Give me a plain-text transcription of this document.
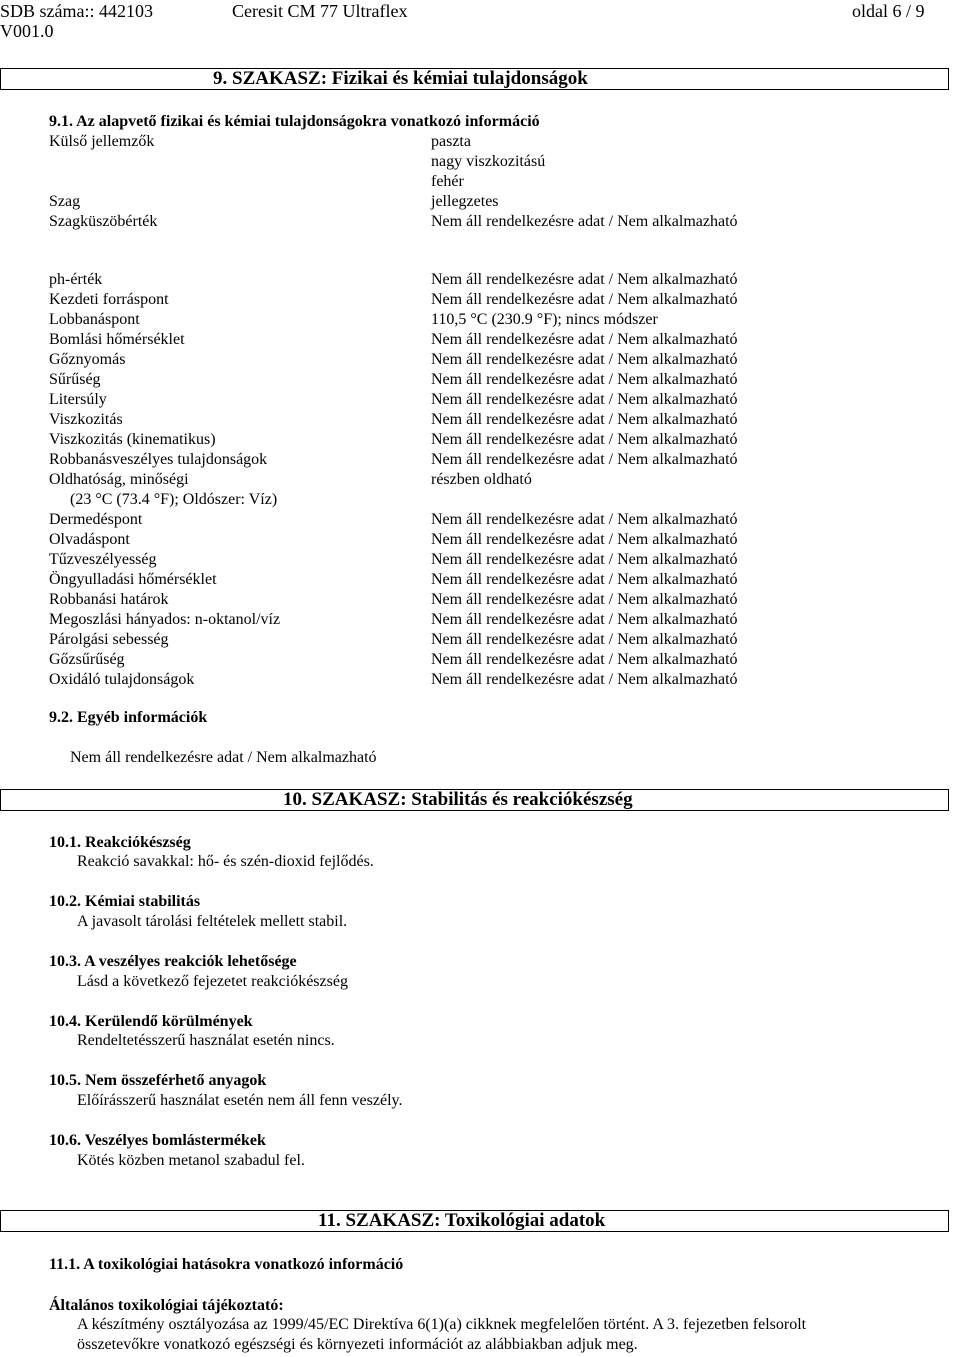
SDB száma:: 442103	Ceresit CM 77 Ultraflex	oldal 6 / 9
V001.0
9. SZAKASZ: Fizikai és kémiai tulajdonságok
9.1. Az alapvető fizikai és kémiai tulajdonságokra vonatkozó információ
Külső jellemzők	paszta
nagy viszkozitású
fehér
Szag	jellegzetes
Szagküszöbérték	Nem áll rendelkezésre adat / Nem alkalmazható
ph-érték	Nem áll rendelkezésre adat / Nem alkalmazható
Kezdeti forráspont	Nem áll rendelkezésre adat / Nem alkalmazható
Lobbanáspont	110,5 °C (230.9 °F); nincs módszer
Bomlási hőmérséklet	Nem áll rendelkezésre adat / Nem alkalmazható
Gőznyomás	Nem áll rendelkezésre adat / Nem alkalmazható
Sűrűség	Nem áll rendelkezésre adat / Nem alkalmazható
Litersúly	Nem áll rendelkezésre adat / Nem alkalmazható
Viszkozitás	Nem áll rendelkezésre adat / Nem alkalmazható
Viszkozitás (kinematikus)	Nem áll rendelkezésre adat / Nem alkalmazható
Robbanásveszélyes tulajdonságok	Nem áll rendelkezésre adat / Nem alkalmazható
Oldhatóság, minőségi	részben oldható
(23 °C (73.4 °F); Oldószer: Víz)
Dermedéspont	Nem áll rendelkezésre adat / Nem alkalmazható
Olvadáspont	Nem áll rendelkezésre adat / Nem alkalmazható
Tűzveszélyesség	Nem áll rendelkezésre adat / Nem alkalmazható
Öngyulladási hőmérséklet	Nem áll rendelkezésre adat / Nem alkalmazható
Robbanási határok	Nem áll rendelkezésre adat / Nem alkalmazható
Megoszlási hányados: n-oktanol/víz	Nem áll rendelkezésre adat / Nem alkalmazható
Párolgási sebesség	Nem áll rendelkezésre adat / Nem alkalmazható
Gőzsűrűség	Nem áll rendelkezésre adat / Nem alkalmazható
Oxidáló tulajdonságok	Nem áll rendelkezésre adat / Nem alkalmazható
9.2. Egyéb információk
Nem áll rendelkezésre adat / Nem alkalmazható
10. SZAKASZ: Stabilitás és reakciókészség
10.1. Reakciókészség
Reakció savakkal: hő- és szén-dioxid fejlődés.
10.2. Kémiai stabilitás
A javasolt tárolási feltételek mellett stabil.
10.3. A veszélyes reakciók lehetősége
Lásd a következő fejezetet reakciókészség
10.4. Kerülendő körülmények
Rendeltetésszerű használat esetén nincs.
10.5. Nem összeférhető anyagok
Előírásszerű használat esetén nem áll fenn veszély.
10.6. Veszélyes bomlástermékek
Kötés közben metanol szabadul fel.
11. SZAKASZ: Toxikológiai adatok
11.1. A toxikológiai hatásokra vonatkozó információ
Általános toxikológiai tájékoztató:
A készítmény osztályozása az 1999/45/EC Direktíva 6(1)(a) cikknek megfelelően történt. A 3. fejezetben felsorolt
összetevőkre vonatkozó egészségi és környezeti információt az alábbiakban adjuk meg.
